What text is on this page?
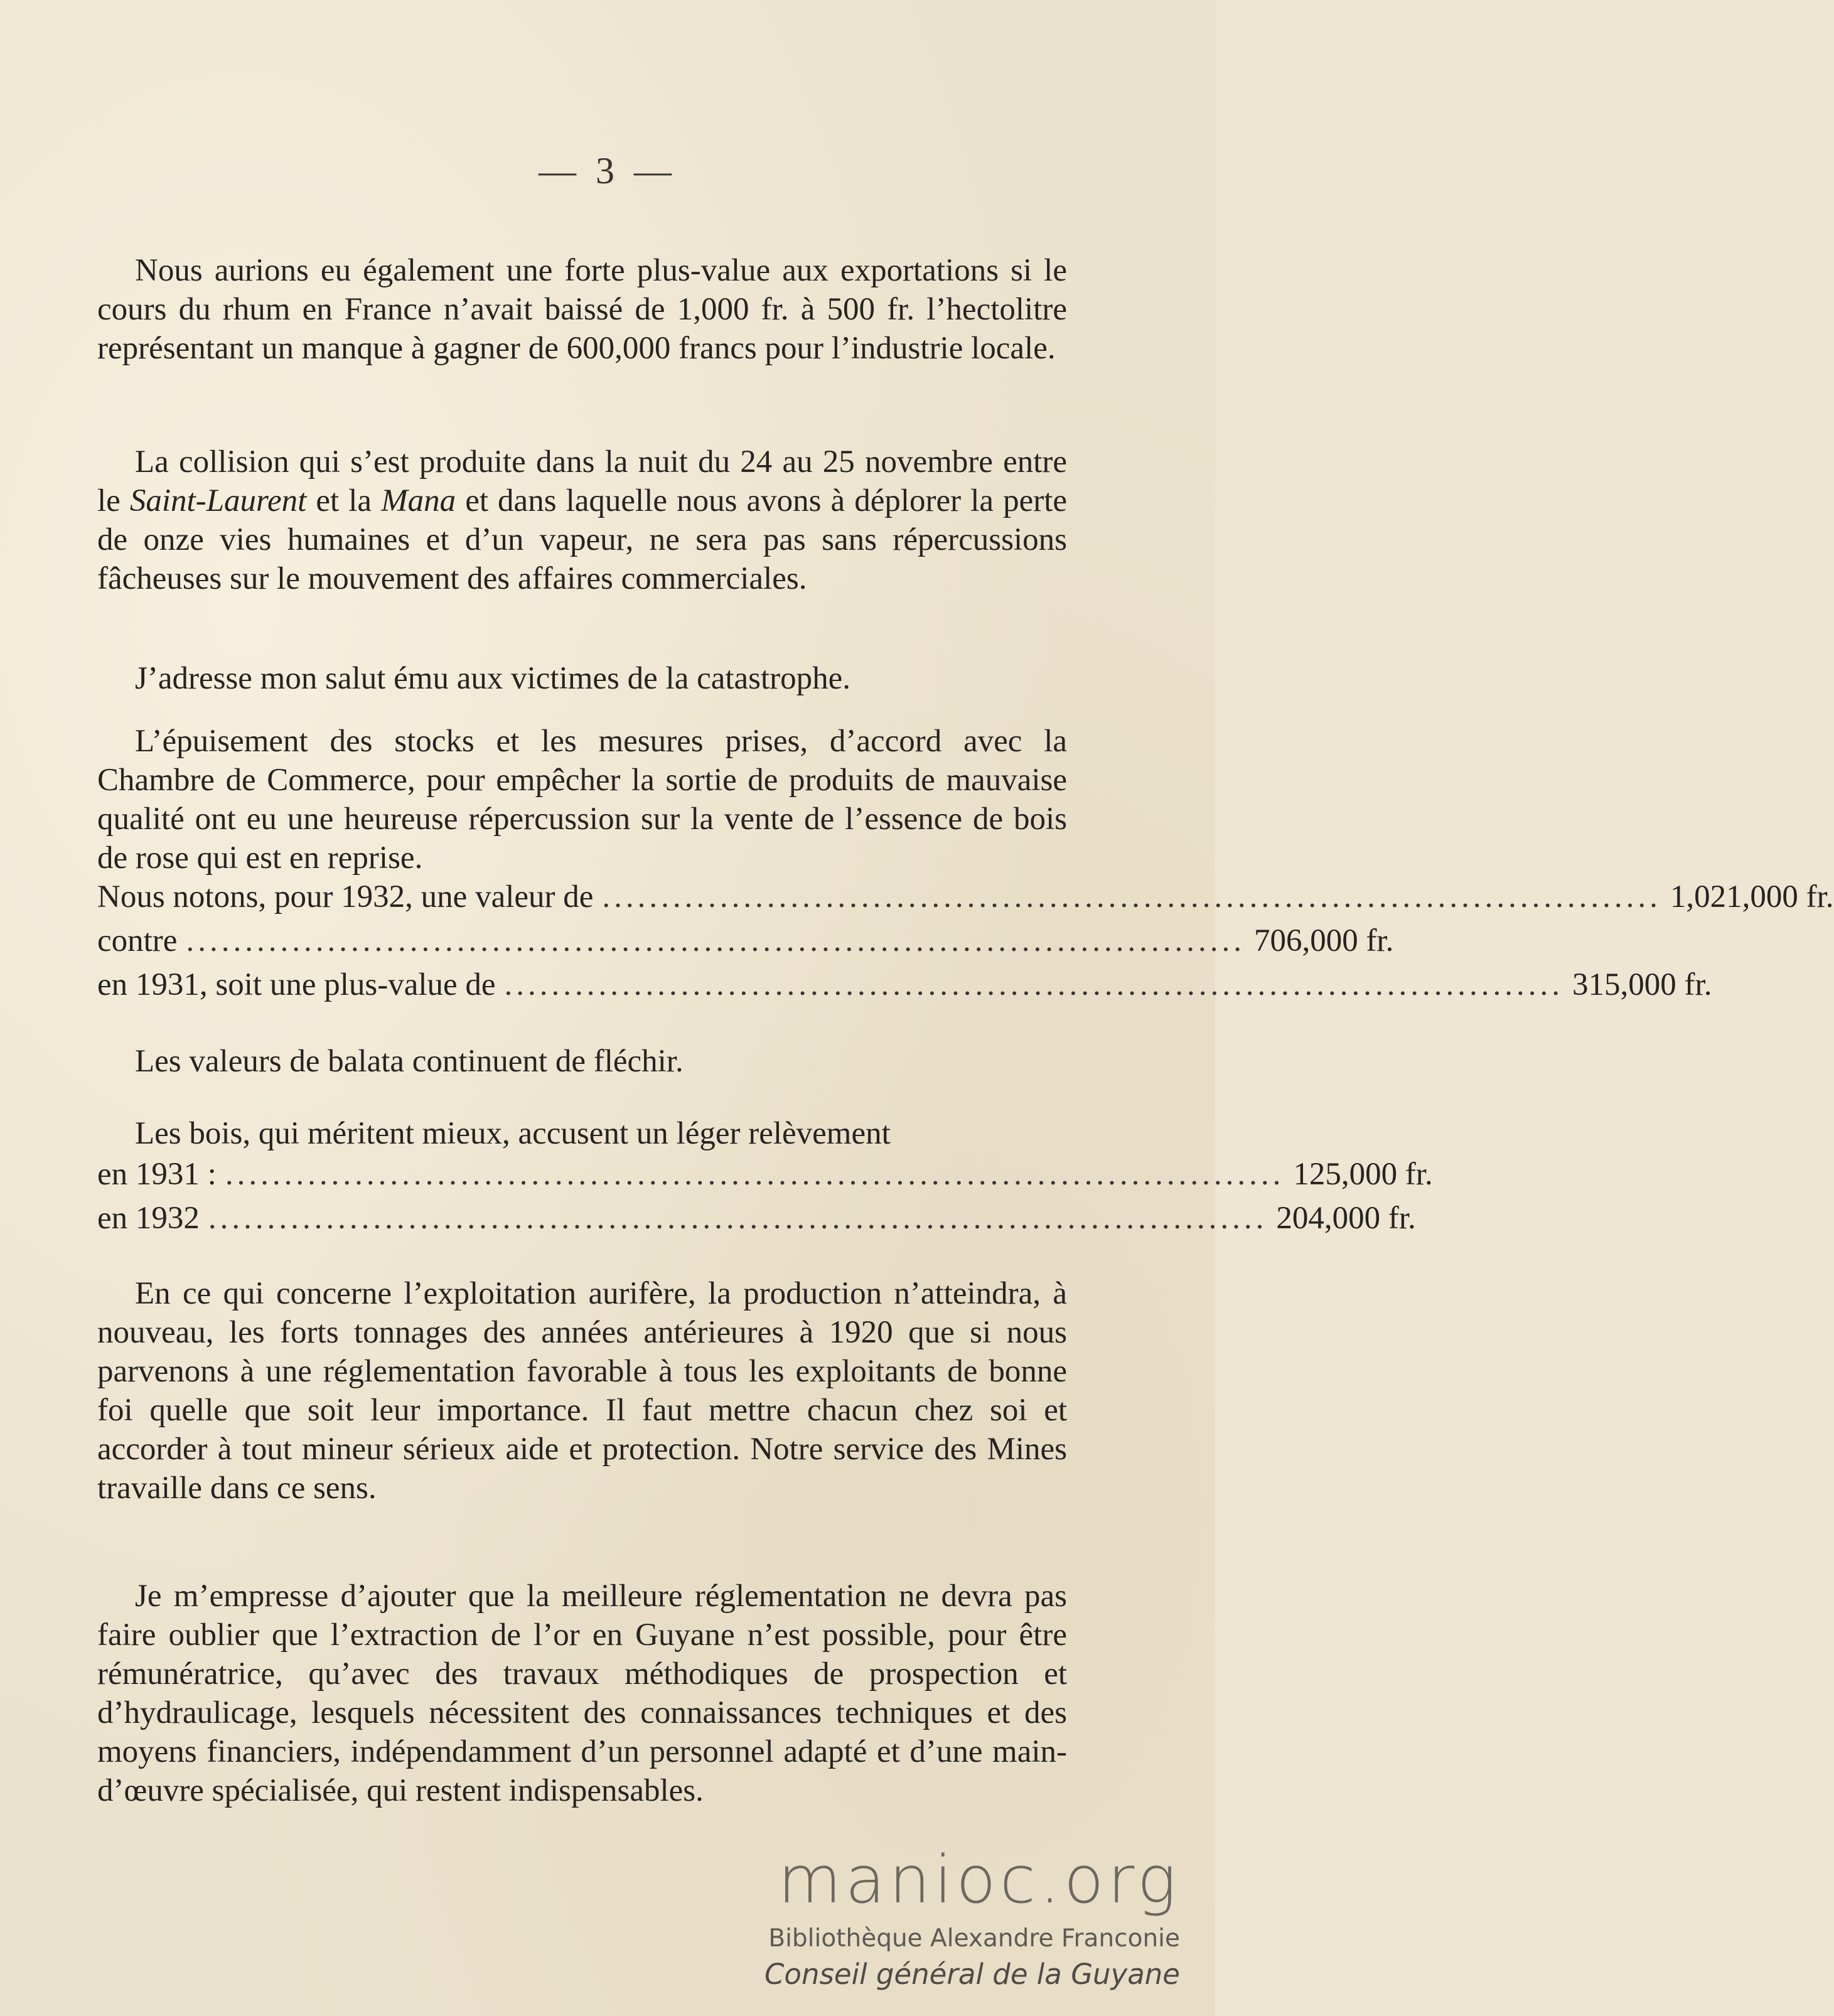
— 3 —

Nous aurions eu également une forte plus-value aux exportations si le cours du rhum en France n’avait baissé de 1,000 fr. à 500 fr. l’hectolitre représentant un manque à gagner de 600,000 francs pour l’industrie locale.

La collision qui s’est produite dans la nuit du 24 au 25 novembre entre le Saint-Laurent et la Mana et dans laquelle nous avons à déplorer la perte de onze vies humaines et d’un vapeur, ne sera pas sans répercussions fâcheuses sur le mouvement des affaires commerciales.

J’adresse mon salut ému aux victimes de la catastrophe.

L’épuisement des stocks et les mesures prises, d’accord avec la Chambre de Commerce, pour empêcher la sortie de produits de mauvaise qualité ont eu une heureuse répercussion sur la vente de l’essence de bois de rose qui est en reprise.

Nous notons, pour 1932, une valeur de .......................................................................................... 1,021,000 fr.
contre .......................................................................................... 706,000 fr.
en 1931, soit une plus-value de .......................................................................................... 315,000 fr.

Les valeurs de balata continuent de fléchir.

Les bois, qui méritent mieux, accusent un léger relèvement

en 1931 : .......................................................................................... 125,000 fr.
en 1932 .......................................................................................... 204,000 fr.

En ce qui concerne l’exploitation aurifère, la production n’atteindra, à nouveau, les forts tonnages des années antérieures à 1920 que si nous parvenons à une réglementation favorable à tous les exploitants de bonne foi quelle que soit leur importance. Il faut mettre chacun chez soi et accorder à tout mineur sérieux aide et protection. Notre service des Mines travaille dans ce sens.

Je m’empresse d’ajouter que la meilleure réglementation ne devra pas faire oublier que l’extraction de l’or en Guyane n’est possible, pour être rémunératrice, qu’avec des travaux méthodiques de prospection et d’hydraulicage, lesquels nécessitent des connaissances techniques et des moyens financiers, indépendamment d’un personnel adapté et d’une main-d’œuvre spécialisée, qui restent indispensables.

manioc.org
Bibliothèque Alexandre Franconie
Conseil général de la Guyane
